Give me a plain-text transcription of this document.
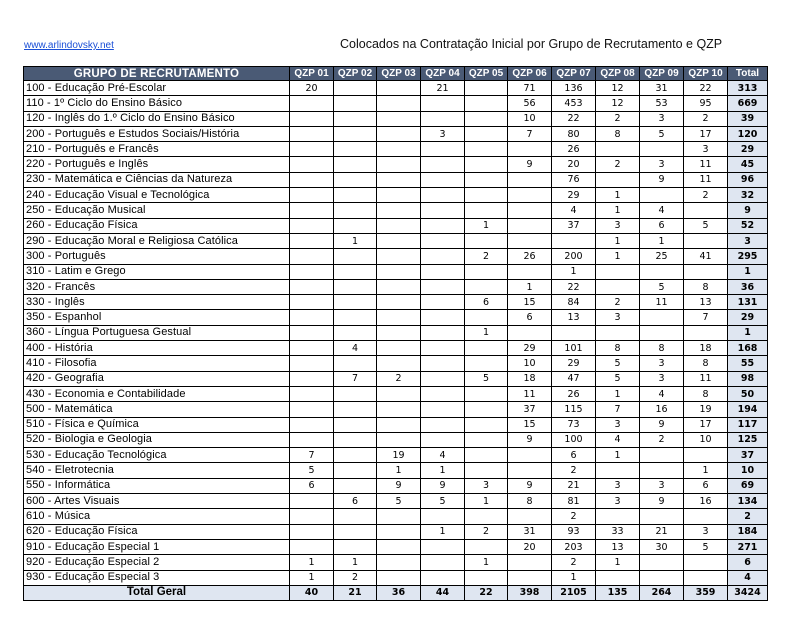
www.arlindovsky.net	Colocados na Contratação Inicial por Grupo de Recrutamento e QZP
GRUPO DE RECRUTAMENTO	QZP 01	QZP 02	QZP 03	QZP 04	QZP 05	QZP 06	QZP 07	QZP 08	QZP 09	QZP 10	Total
100 - Educação Pré-Escolar	20			21		71	136	12	31	22	313
110 - 1º Ciclo do Ensino Básico						56	453	12	53	95	669
120 - Inglês do 1.º Ciclo do Ensino Básico						10	22	2	3	2	39
200 - Português e Estudos Sociais/História				3		7	80	8	5	17	120
210 - Português e Francês							26			3	29
220 - Português e Inglês						9	20	2	3	11	45
230 - Matemática e Ciências da Natureza							76		9	11	96
240 - Educação Visual e Tecnológica							29	1		2	32
250 - Educação Musical							4	1	4		9
260 - Educação Física					1		37	3	6	5	52
290 - Educação Moral e Religiosa Católica		1						1	1		3
300 - Português					2	26	200	1	25	41	295
310 - Latim e Grego							1				1
320 - Francês						1	22		5	8	36
330 - Inglês					6	15	84	2	11	13	131
350 - Espanhol						6	13	3		7	29
360 - Língua Portuguesa Gestual					1						1
400 - História		4				29	101	8	8	18	168
410 - Filosofia						10	29	5	3	8	55
420 - Geografia		7	2		5	18	47	5	3	11	98
430 - Economia e Contabilidade						11	26	1	4	8	50
500 - Matemática						37	115	7	16	19	194
510 - Física e Química						15	73	3	9	17	117
520 - Biologia e Geologia						9	100	4	2	10	125
530 - Educação Tecnológica	7		19	4			6	1			37
540 - Eletrotecnia	5		1	1			2			1	10
550 - Informática	6		9	9	3	9	21	3	3	6	69
600 - Artes Visuais		6	5	5	1	8	81	3	9	16	134
610 - Música							2				2
620 - Educação Física				1	2	31	93	33	21	3	184
910 - Educação Especial 1						20	203	13	30	5	271
920 - Educação Especial 2	1	1			1		2	1			6
930 - Educação Especial 3	1	2					1				4
Total Geral	40	21	36	44	22	398	2105	135	264	359	3424
